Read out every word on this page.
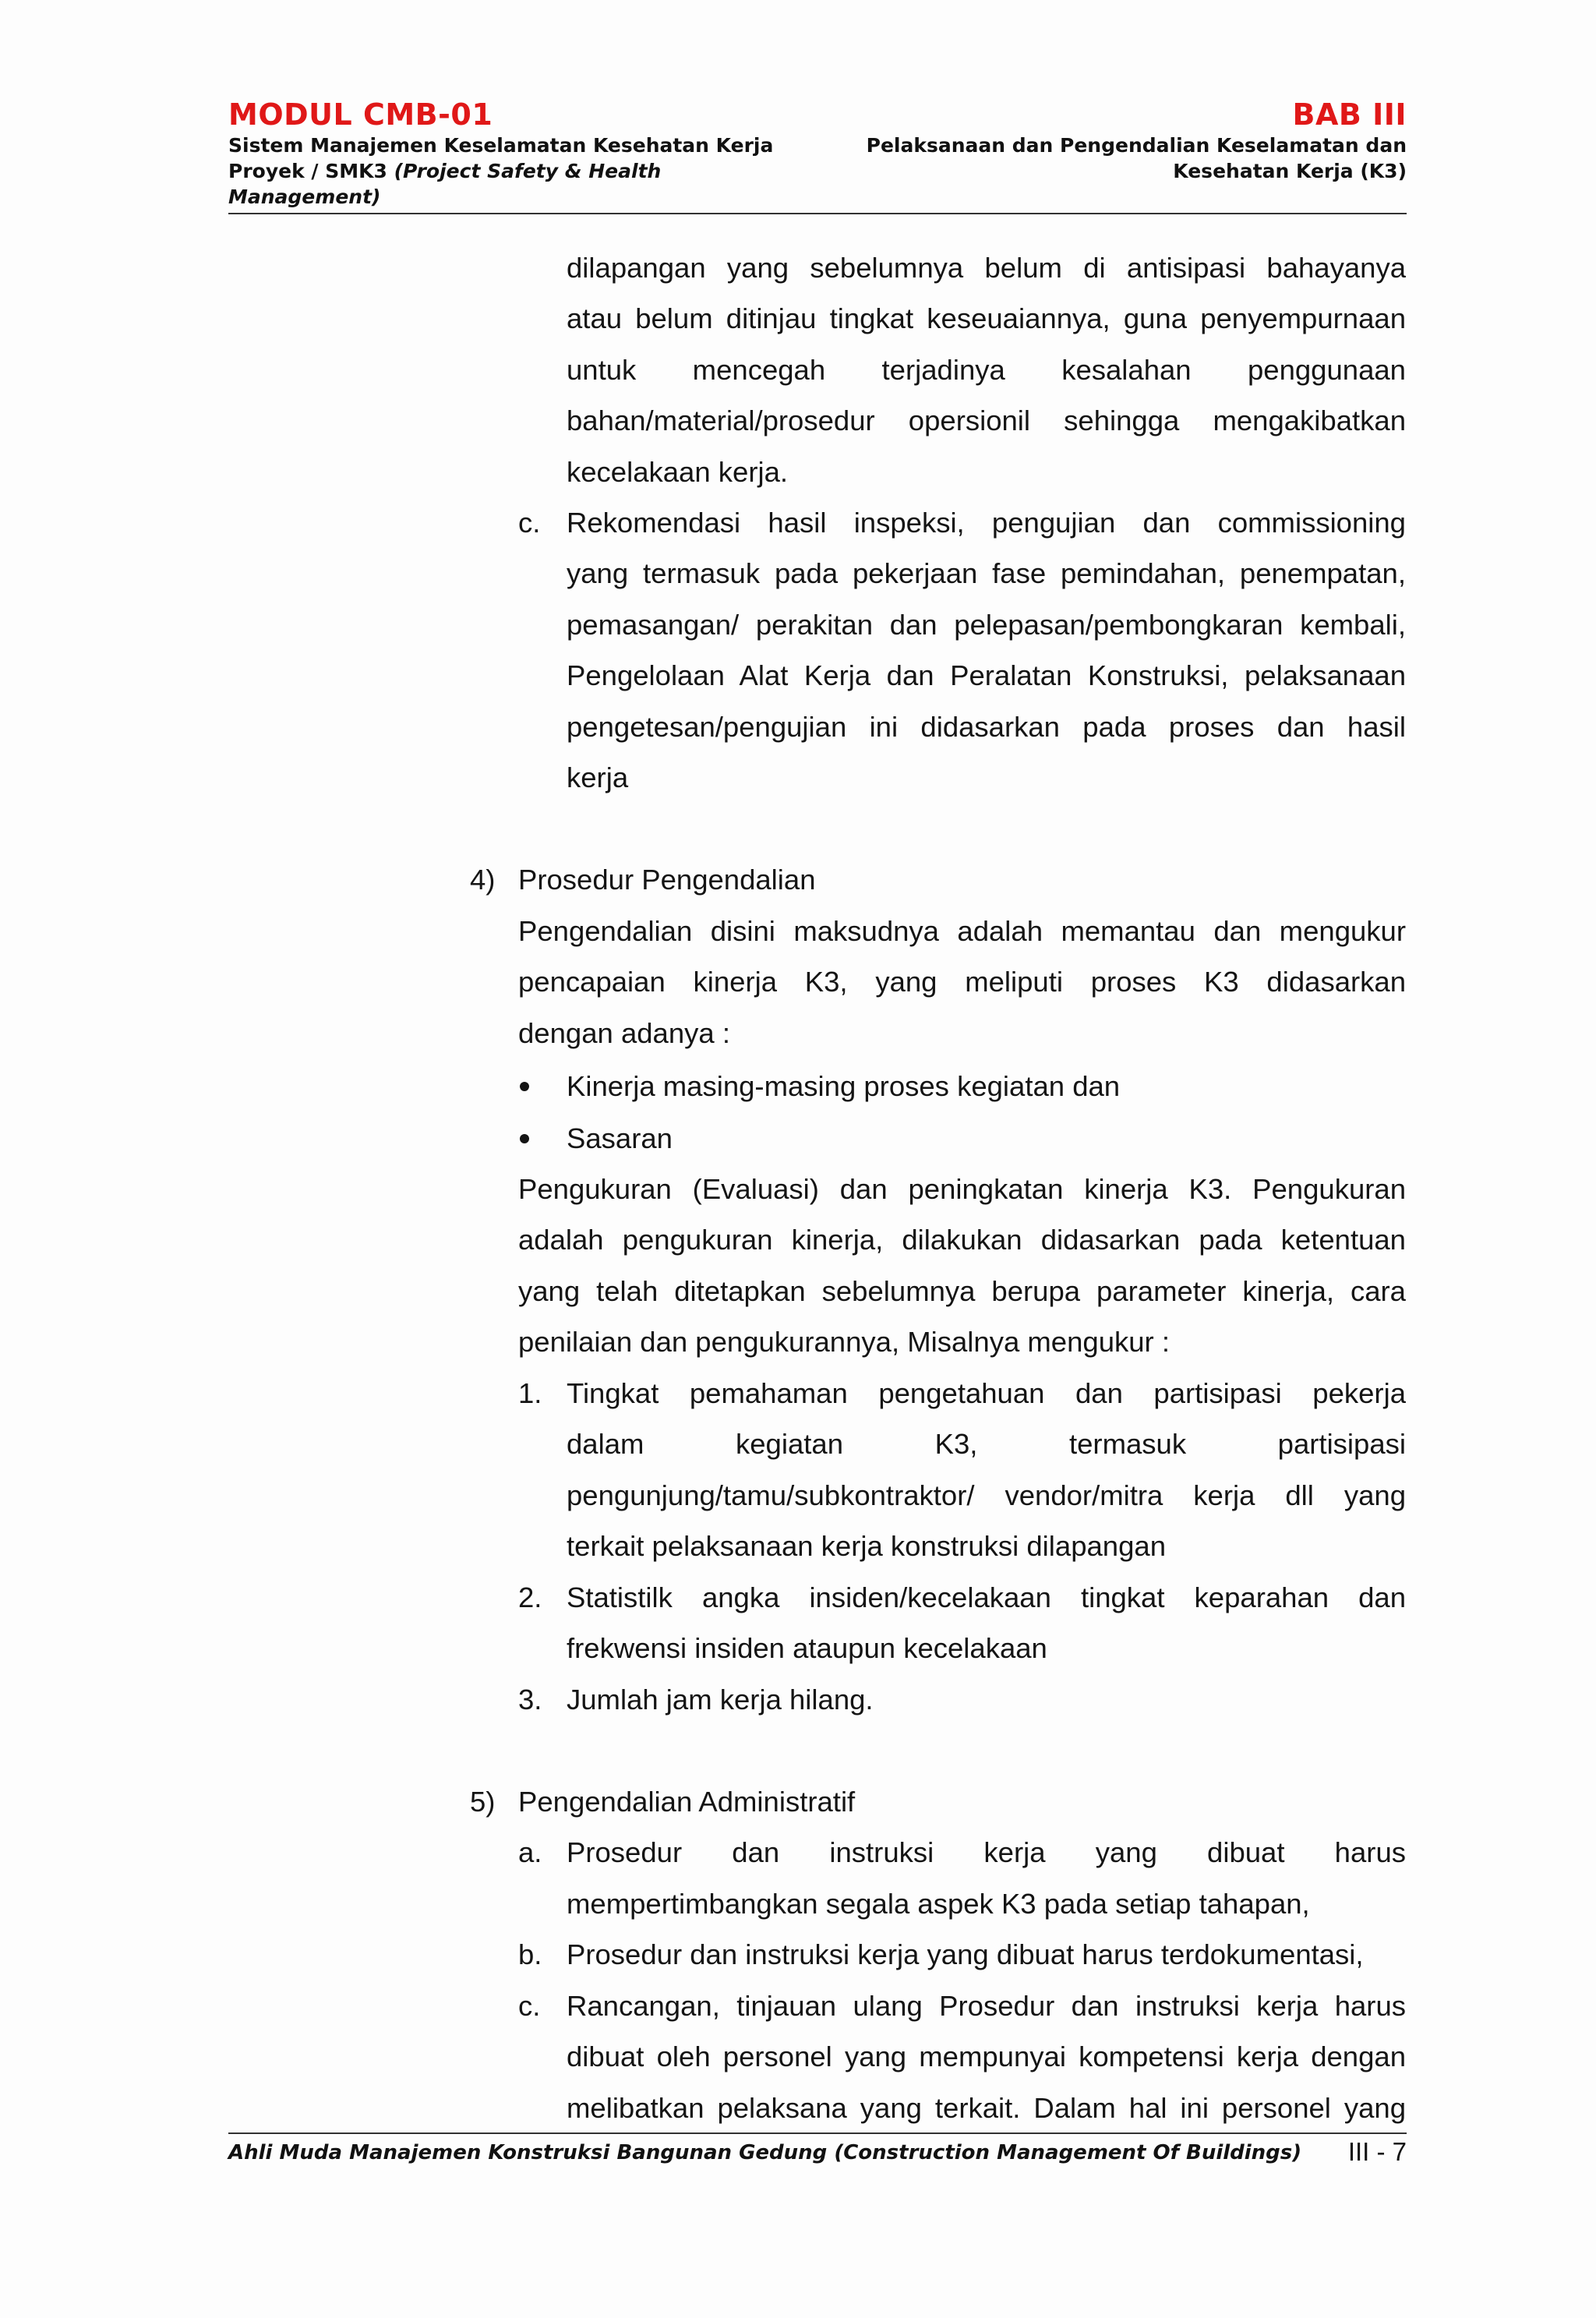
MODUL CMB-01
Sistem Manajemen Keselamatan Kesehatan Kerja
Proyek / SMK3 (Project Safety & Health
Management)
BAB III
Pelaksanaan dan Pengendalian Keselamatan dan
Kesehatan Kerja (K3)
dilapangan yang sebelumnya belum di antisipasi bahayanya
atau belum ditinjau tingkat keseuaiannya, guna penyempurnaan
untuk mencegah terjadinya kesalahan penggunaan
bahan/material/prosedur opersionil sehingga mengakibatkan
kecelakaan kerja.
c. Rekomendasi hasil inspeksi, pengujian dan commissioning
yang termasuk pada pekerjaan fase pemindahan, penempatan,
pemasangan/ perakitan dan pelepasan/pembongkaran kembali,
Pengelolaan Alat Kerja dan Peralatan Konstruksi, pelaksanaan
pengetesan/pengujian ini didasarkan pada proses dan hasil
kerja
4) Prosedur Pengendalian
Pengendalian disini maksudnya adalah memantau dan mengukur
pencapaian kinerja K3, yang meliputi proses K3 didasarkan
dengan adanya :
Kinerja masing-masing proses kegiatan dan
Sasaran
Pengukuran (Evaluasi) dan peningkatan kinerja K3. Pengukuran
adalah pengukuran kinerja, dilakukan didasarkan pada ketentuan
yang telah ditetapkan sebelumnya berupa parameter kinerja, cara
penilaian dan pengukurannya, Misalnya mengukur :
1. Tingkat pemahaman pengetahuan dan partisipasi pekerja
dalam kegiatan K3, termasuk partisipasi
pengunjung/tamu/subkontraktor/ vendor/mitra kerja dll yang
terkait pelaksanaan kerja konstruksi dilapangan
2. Statistilk angka insiden/kecelakaan tingkat keparahan dan
frekwensi insiden ataupun kecelakaan
3. Jumlah jam kerja hilang.
5) Pengendalian Administratif
a. Prosedur dan instruksi kerja yang dibuat harus
mempertimbangkan segala aspek K3 pada setiap tahapan,
b. Prosedur dan instruksi kerja yang dibuat harus terdokumentasi,
c. Rancangan, tinjauan ulang Prosedur dan instruksi kerja harus
dibuat oleh personel yang mempunyai kompetensi kerja dengan
melibatkan pelaksana yang terkait. Dalam hal ini personel yang
Ahli Muda Manajemen Konstruksi Bangunan Gedung (Construction Management Of Buildings) III - 7
